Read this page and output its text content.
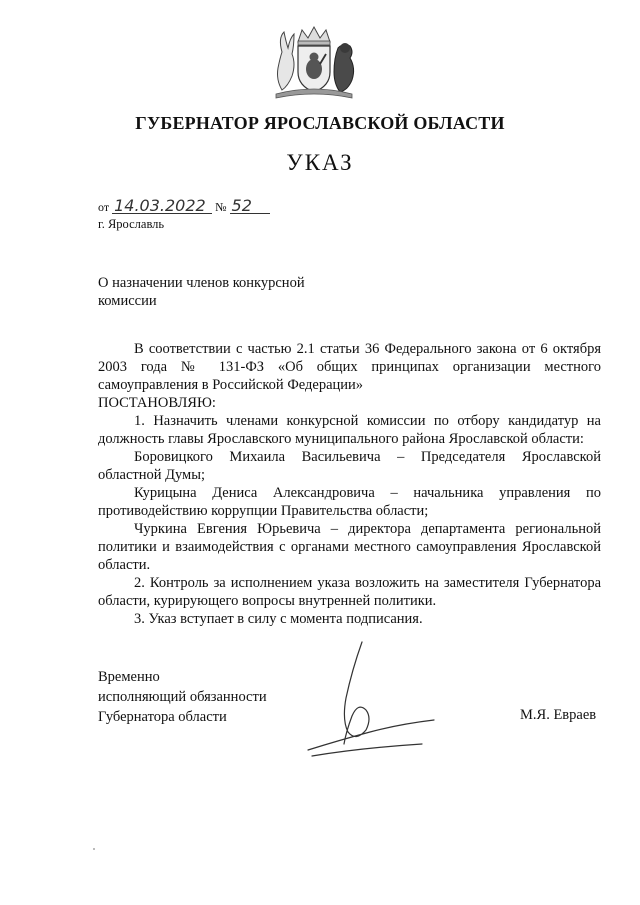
ГУБЕРНАТОР ЯРОСЛАВСКОЙ ОБЛАСТИ
УКАЗ
от 14.03.2022 № 52
г. Ярославль
О назначении членов конкурсной
комиссии

В соответствии с частью 2.1 статьи 36 Федерального закона от 6 октября 2003 года № 131-ФЗ «Об общих принципах организации местного самоуправления в Российской Федерации»

ПОСТАНОВЛЯЮ:

1. Назначить членами конкурсной комиссии по отбору кандидатур на должность главы Ярославского муниципального района Ярославской области:

Боровицкого Михаила Васильевича – Председателя Ярославской областной Думы;

Курицына Дениса Александровича – начальника управления по противодействию коррупции Правительства области;

Чуркина Евгения Юрьевича – директора департамента региональной политики и взаимодействия с органами местного самоуправления Ярославской области.

2. Контроль за исполнением указа возложить на заместителя Губернатора области, курирующего вопросы внутренней политики.

3. Указ вступает в силу с момента подписания.

Временно
исполняющий обязанности
Губернатора области	М.Я. Евраев
